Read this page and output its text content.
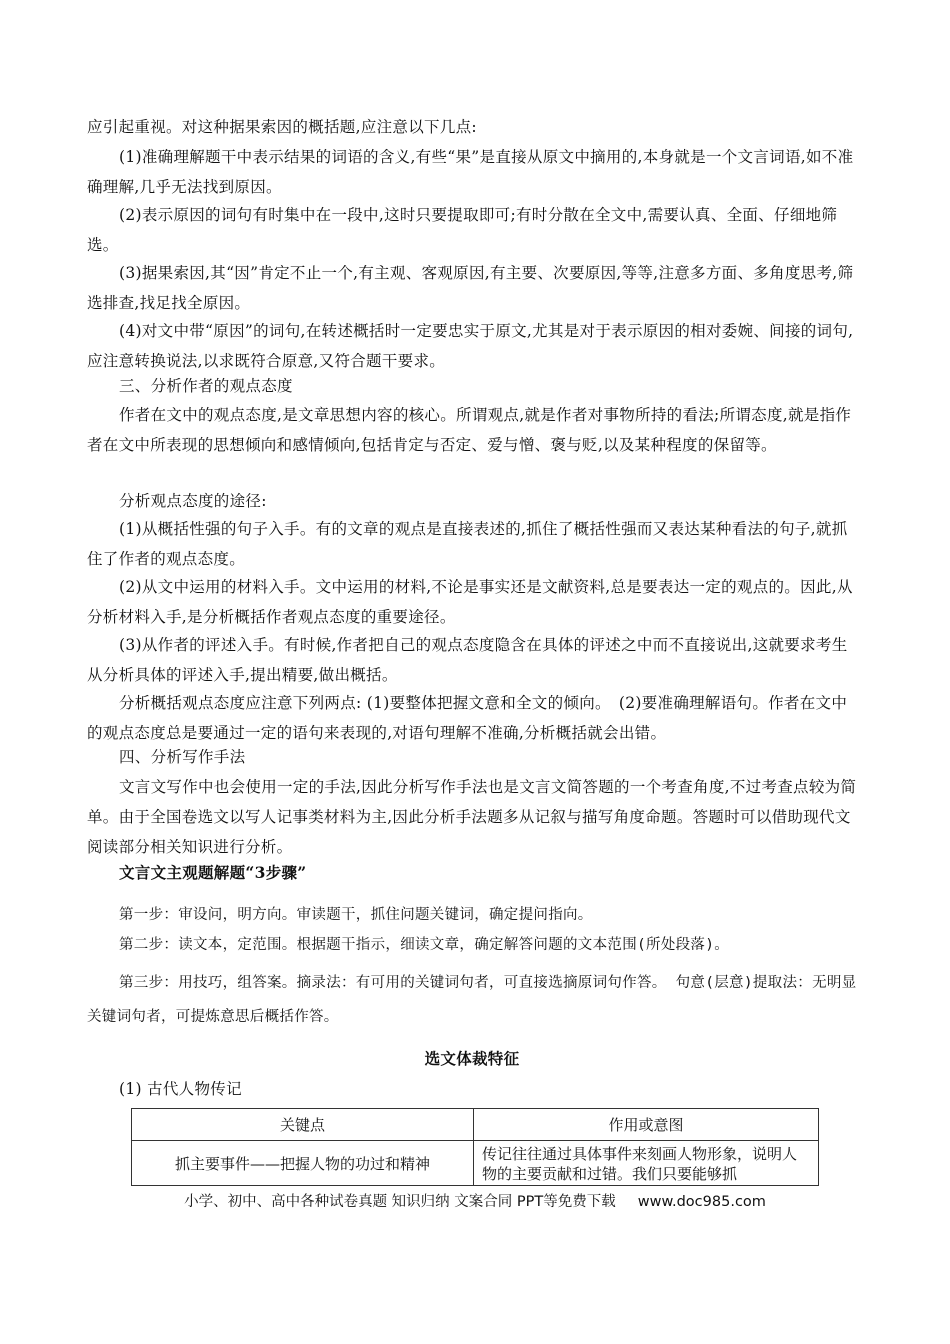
应引起重视。对这种据果索因的概括题,应注意以下几点:

(1)准确理解题干中表示结果的词语的含义,有些“果”是直接从原文中摘用的,本身就是一个文言词语,如不准确理解,几乎无法找到原因。

(2)表示原因的词句有时集中在一段中,这时只要提取即可;有时分散在全文中,需要认真、全面、仔细地筛选。

(3)据果索因,其“因”肯定不止一个,有主观、客观原因,有主要、次要原因,等等,注意多方面、多角度思考,筛选排查,找足找全原因。

(4)对文中带“原因”的词句,在转述概括时一定要忠实于原文,尤其是对于表示原因的相对委婉、间接的词句,应注意转换说法,以求既符合原意,又符合题干要求。

三、分析作者的观点态度

作者在文中的观点态度,是文章思想内容的核心。所谓观点,就是作者对事物所持的看法;所谓态度,就是指作者在文中所表现的思想倾向和感情倾向,包括肯定与否定、爱与憎、褒与贬,以及某种程度的保留等。

分析观点态度的途径:

(1)从概括性强的句子入手。有的文章的观点是直接表述的,抓住了概括性强而又表达某种看法的句子,就抓住了作者的观点态度。

(2)从文中运用的材料入手。文中运用的材料,不论是事实还是文献资料,总是要表达一定的观点的。因此,从分析材料入手,是分析概括作者观点态度的重要途径。

(3)从作者的评述入手。有时候,作者把自己的观点态度隐含在具体的评述之中而不直接说出,这就要求考生从分析具体的评述入手,提出精要,做出概括。

分析概括观点态度应注意下列两点: (1)要整体把握文意和全文的倾向。　(2)要准确理解语句。作者在文中的观点态度总是要通过一定的语句来表现的,对语句理解不准确,分析概括就会出错。

四、分析写作手法

文言文写作中也会使用一定的手法,因此分析写作手法也是文言文简答题的一个考查角度,不过考查点较为简单。由于全国卷选文以写人记事类材料为主,因此分析手法题多从记叙与描写角度命题。答题时可以借助现代文阅读部分相关知识进行分析。

文言文主观题解题“3步骤”

第一步：审设问，明方向。审读题干，抓住问题关键词，确定提问指向。

第二步：读文本，定范围。根据题干指示，细读文章，确定解答问题的文本范围(所处段落)。

第三步：用技巧，组答案。摘录法：有可用的关键词句者，可直接选摘原词句作答。 句意(层意)提取法：无明显关键词句者，可提炼意思后概括作答。

选文体裁特征

(1) 古代人物传记

关键点	作用或意图
抓主要事件——把握人物的功过和精神	传记往往通过具体事件来刻画人物形象，说明人物的主要贡献和过错。我们只要能够抓
小学、初中、高中各种试卷真题 知识归纳 文案合同 PPT等免费下载 www.doc985.com
